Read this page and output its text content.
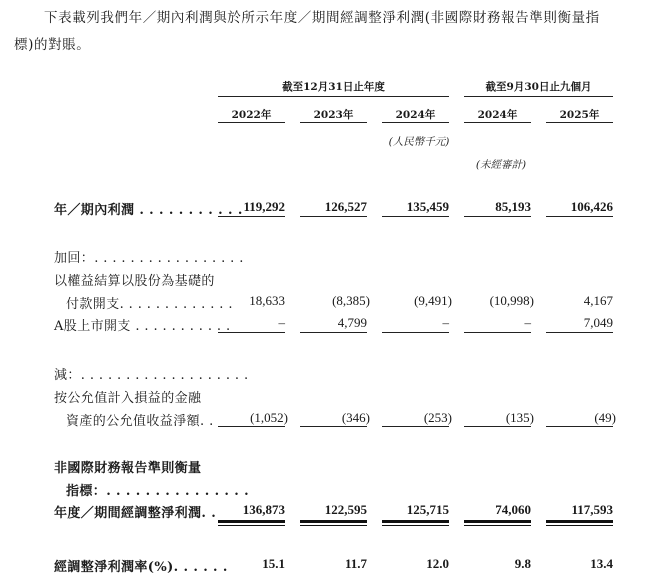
下表載列我們年／期內利潤與於所示年度／期間經調整淨利潤(非國際財務報告準則衡量指
標)的對賬。
截至12月31日止年度	截至9月30日止九個月
2022年	2023年	2024年	2024年	2025年
(人民幣千元)
(未經審計)
年／期內利潤 . . . . . . . . . . . 119,292	126,527	135,459	85,193	106,426
加回：. . . . . . . . . . . . . . . . .
以權益結算以股份為基礎的
付款開支. . . . . . . . . . . . .	18,633	(8,385)	(9,491)	(10,998)	4,167
A股上市開支 . . . . . . . . . . .	–	4,799	–	–	7,049
減：. . . . . . . . . . . . . . . . . . .
按公允值計入損益的金融
資產的公允值收益淨額. .	(1,052)	(346)	(253)	(135)	(49)
非國際財務報告準則衡量
指標：. . . . . . . . . . . . . . .
年度／期間經調整淨利潤. .	136,873	122,595	125,715	74,060	117,593
經調整淨利潤率(%). . . . . .	15.1	11.7	12.0	9.8	13.4
